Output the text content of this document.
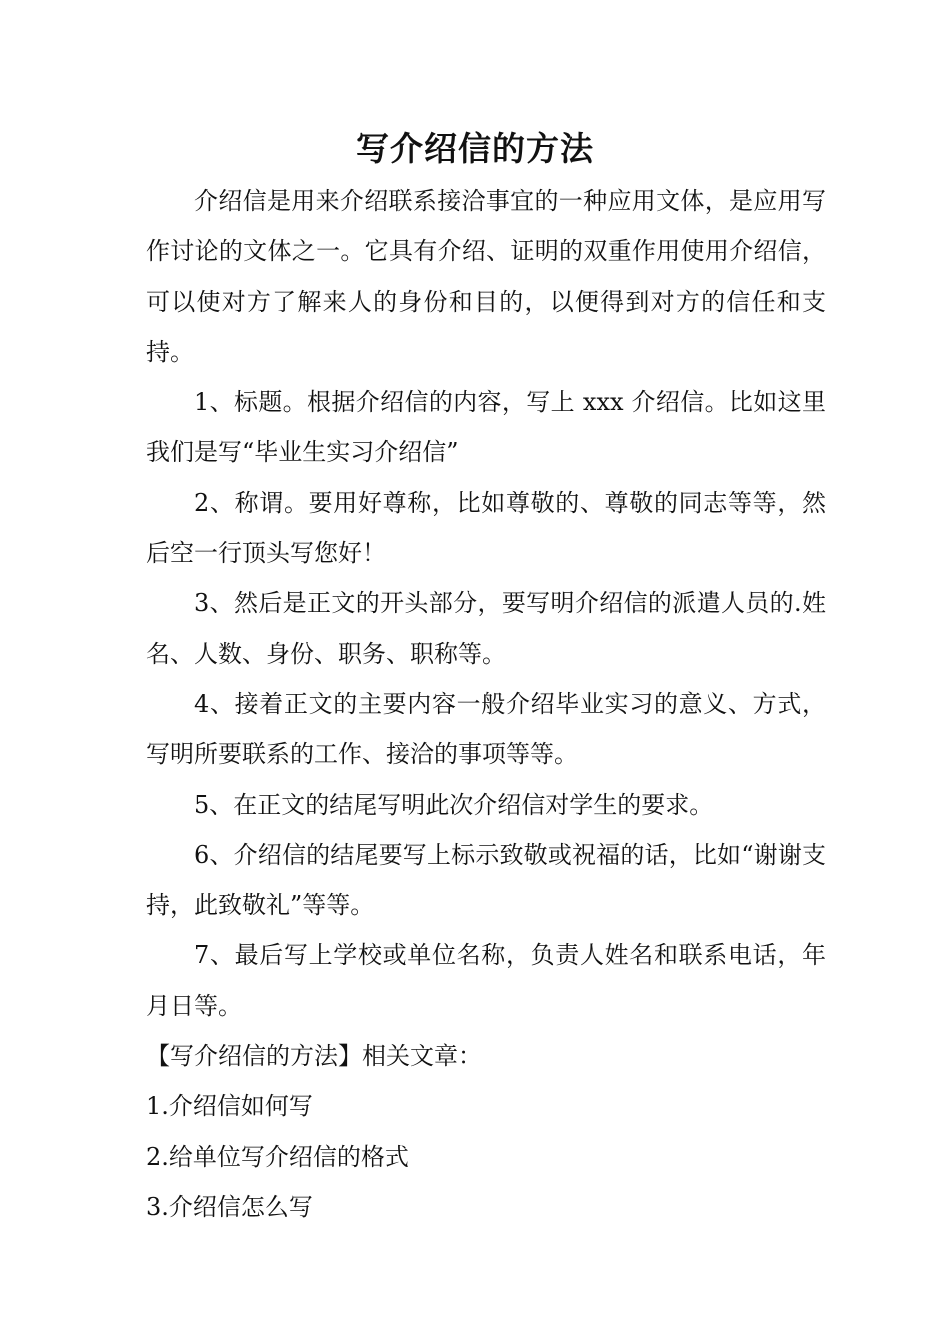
写介绍信的方法

介绍信是用来介绍联系接洽事宜的一种应用文体，是应用写作讨论的文体之一。它具有介绍、证明的双重作用使用介绍信，可以使对方了解来人的身份和目的，以便得到对方的信任和支持。

1、标题。根据介绍信的内容，写上 xxx 介绍信。比如这里我们是写“毕业生实习介绍信”

2、称谓。要用好尊称，比如尊敬的、尊敬的同志等等，然后空一行顶头写您好！

3、然后是正文的开头部分，要写明介绍信的派遣人员的.姓名、人数、身份、职务、职称等。

4、接着正文的主要内容一般介绍毕业实习的意义、方式，写明所要联系的工作、接洽的事项等等。

5、在正文的结尾写明此次介绍信对学生的要求。

6、介绍信的结尾要写上标示致敬或祝福的话，比如“谢谢支持，此致敬礼”等等。

7、最后写上学校或单位名称，负责人姓名和联系电话，年月日等。

【写介绍信的方法】相关文章：

1.介绍信如何写
2.给单位写介绍信的格式
3.介绍信怎么写
